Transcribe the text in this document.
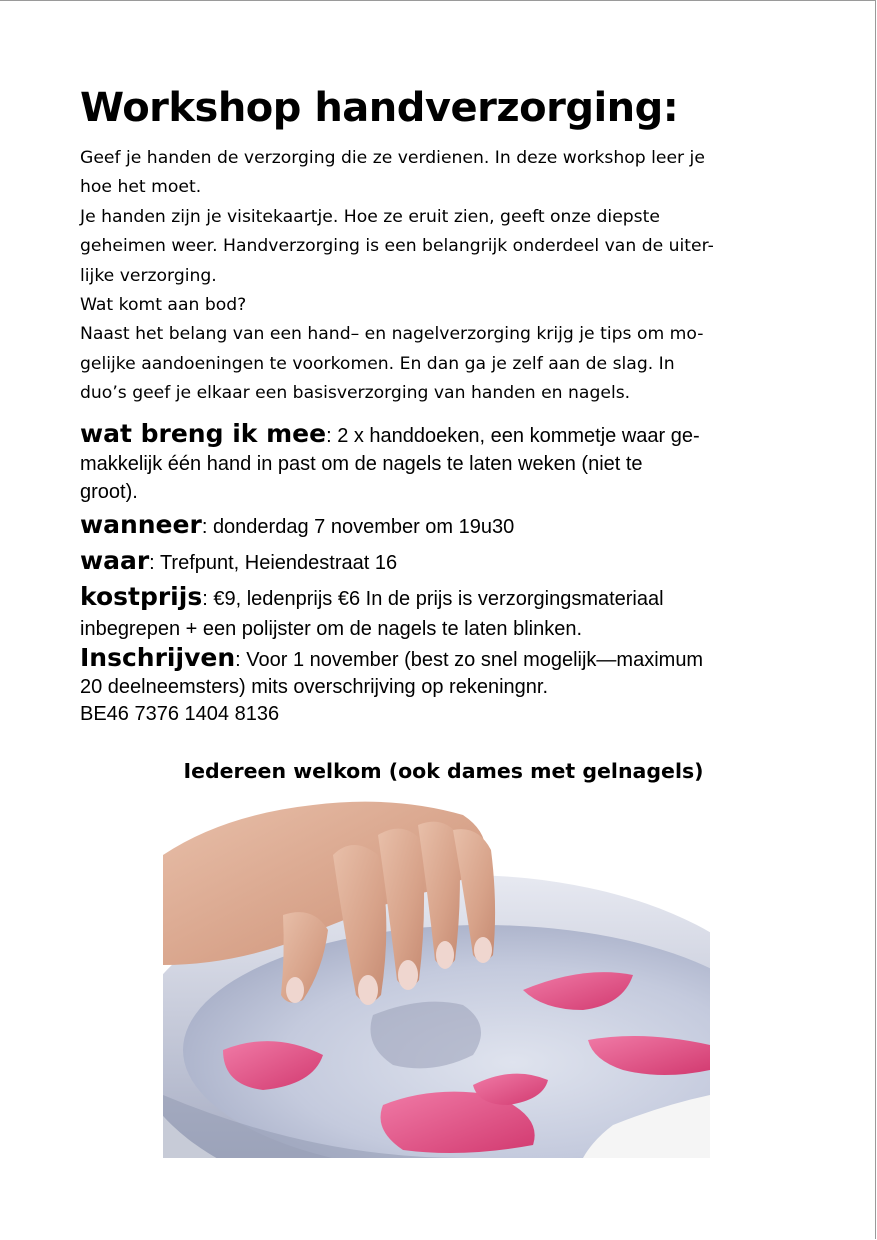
Workshop handverzorging:
Geef je handen de verzorging die ze verdienen. In deze workshop leer je
hoe het moet.
Je handen zijn je visitekaartje. Hoe ze eruit zien, geeft onze diepste
geheimen weer. Handverzorging is een belangrijk onderdeel van de uiter-
lijke verzorging.
Wat komt aan bod?
Naast het belang van een hand– en nagelverzorging krijg je tips om mo-
gelijke aandoeningen te voorkomen. En dan ga je zelf aan de slag. In
duo’s geef je elkaar een basisverzorging van handen en nagels.
wat breng ik mee: 2 x handdoeken, een kommetje waar ge-
makkelijk één hand in past om de nagels te laten weken (niet te
groot).
wanneer: donderdag 7 november om 19u30
waar: Trefpunt, Heiendestraat 16
kostprijs: €9, ledenprijs €6 In de prijs is verzorgingsmateriaal
inbegrepen + een polijster om de nagels te laten blinken.
Inschrijven: Voor 1 november (best zo snel mogelijk—maximum
20 deelneemsters) mits overschrijving op rekeningnr.
BE46 7376 1404 8136
Iedereen welkom (ook dames met gelnagels)
